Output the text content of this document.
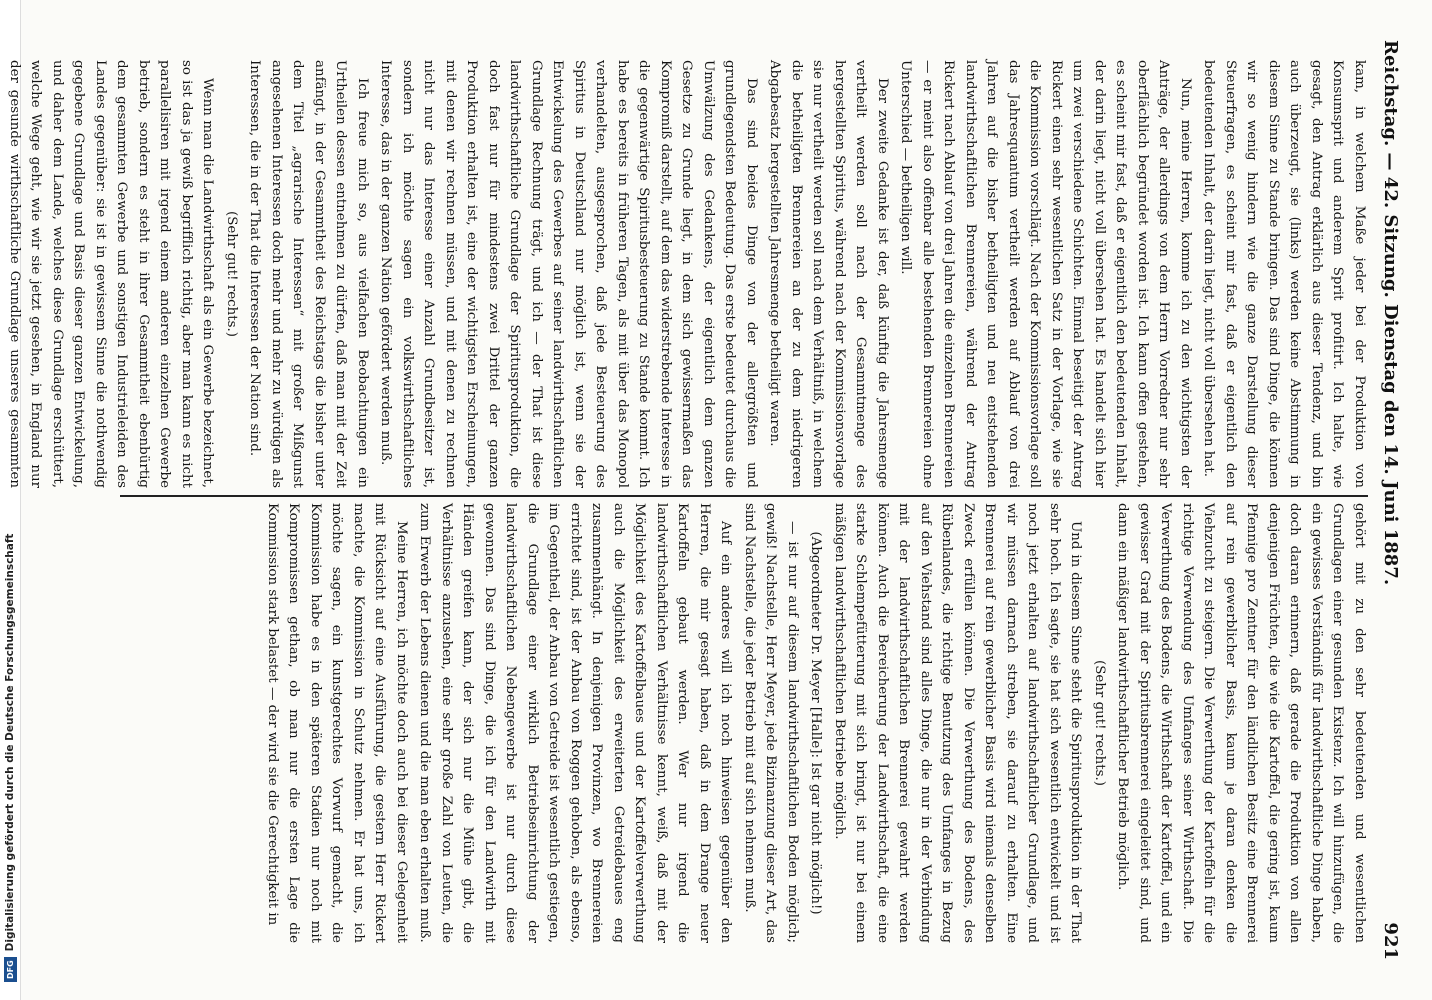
DFGDigitalisierung gefördert durch die Deutsche Forschungsgemeinschaft
Reichstag. — 42. Sitzung. Dienstag den 14. Juni 1887.
921

kam, in welchem Maße jeder bei der Produktion von Konsumsprit und anderem Sprit profitirt. Ich halte, wie gesagt, den Antrag erklärlich aus dieser Tendenz, und bin auch überzeugt, sie (links) werden keine Abstimmung in diesem Sinne zu Stande bringen. Das sind Dinge, die können wir so wenig hindern wie die ganze Darstellung dieser Steuerfragen, es scheint mir fast, daß er eigentlich den bedeutenden Inhalt, der darin liegt, nicht voll übersehen hat.

Nun, meine Herren, komme ich zu den wichtigsten der Anträge, der allerdings von dem Herrn Vorredner nur sehr oberflächlich begründet worden ist. Ich kann offen gestehen, es scheint mir fast, daß er eigentlich den bedeutenden Inhalt, der darin liegt, nicht voll übersehen hat. Es handelt sich hier um zwei verschiedene Schichten. Einmal beseitigt der Antrag Rickert einen sehr wesentlichen Satz in der Vorlage, wie sie die Kommission vorschlägt. Nach der Kommissionsvorlage soll das Jahresquantum vertheilt werden auf Ablauf von drei Jahren auf die bisher betheiligten und neu entstehenden landwirthschaftlichen Brennereien, während der Antrag Rickert nach Ablauf von drei Jahren die einzelnen Brennereien — er meint also offenbar alle bestehenden Brennereien ohne Unterschied — betheiligen will.

Der zweite Gedanke ist der, daß künftig die Jahresmenge vertheilt werden soll nach der Gesammtmenge des hergestellten Spiritus, während nach der Kommissionsvorlage sie nur vertheilt werden soll nach dem Verhältniß, in welchem die betheiligten Brennereien an der zu dem niedrigeren Abgabesatz hergestellten Jahresmenge betheiligt waren.

Das sind beides Dinge von der allergrößten und grundlegendsten Bedeutung. Das erste bedeutet durchaus die Umwälzung des Gedankens, der eigentlich dem ganzen Gesetze zu Grunde liegt, in dem sich gewissermaßen das Kompromiß darstellt, auf dem das widerstrebende Interesse in die gegenwärtige Spiritusbesteuerung zu Stande kommt. Ich habe es bereits in früheren Tagen, als mit über das Monopol verhandelten, ausgesprochen, daß jede Besteuerung des Spiritus in Deutschland nur möglich ist, wenn sie der Entwickelung des Gewerbes auf seiner landwirthschaftlichen Grundlage Rechnung trägt, und ich — der That ist diese landwirthschaftliche Grundlage der Spiritusproduktion, die doch fast nur für mindestens zwei Drittel der ganzen Produktion erhalten ist, eine der wichtigsten Erscheinungen, mit denen wir rechnen müssen, und mit denen zu rechnen nicht nur das Interesse einer Anzahl Grundbesitzer ist, sondern ich möchte sagen ein volkswirthschaftliches Interesse, das in der ganzen Nation gefördert werden muß.

Ich freue mich so, aus vielfachen Beobachtungen ein Urtheilen dessen entnehmen zu dürfen, daß man mit der Zeit anfängt, in der Gesammtheit des Reichstags die bisher unter dem Titel „agrarische Interessen“ mit großer Mißgunst angesehenen Interessen doch mehr und mehr zu würdigen als Interessen, die in der That die Interessen der Nation sind.

(Sehr gut! rechts.)

Wenn man die Landwirthschaft als ein Gewerbe bezeichnet, so ist das ja gewiß begrifflich richtig, aber man kann es nicht parallelisiren mit irgend einem anderen einzelnen Gewerbe betrieb, sondern es steht in ihrer Gesammtheit ebenbürtig dem gesammten Gewerbe und sonstigen Industrieleiden des Landes gegenüber: sie ist in gewissem Sinne die nothwendig gegebene Grundlage und Basis dieser ganzen Entwickelung, und daher dem Lande, welches diese Grundlage erschüttert, welche Wege geht, wie wir sie jetzt gesehen, in England nur der gesunde wirthschaftliche Grundlage unseres gesammten

gehört mit zu den sehr bedeutenden und wesentlichen Grundlagen einer gesunden Existenz. Ich will hinzufügen, die ein gewisses Verständniß für landwirthschaftliche Dinge haben, doch daran erinnern, daß gerade die Produktion von allen denjenigen Früchten, die wie die Kartoffel, die gering ist, kaum Pfennige pro Zentner für den ländlichen Besitz eine Brennerei auf rein gewerblicher Basis, kaum je daran denken die Viehzucht zu steigern. Die Verwerthung der Kartoffeln für die richtige Verwendung des Umfanges seiner Wirthschaft. Die Verwerthung des Bodens, die Wirthschaft der Kartoffel, und ein gewisser Grad mit der Spiritusbrennerei eingeleitet sind, und dann ein mäßiger landwirthschaftlicher Betrieb möglich.

(Sehr gut! rechts.)

Und in diesem Sinne steht die Spiritusproduktion in der That sehr hoch. Ich sagte, sie hat sich wesentlich entwickelt und ist noch jetzt erhalten auf landwirthschaftlicher Grundlage, und wir müssen darnach streben, sie darauf zu erhalten. Eine Brennerei auf rein gewerblicher Basis wird niemals denselben Zweck erfüllen können. Die Verwerthung des Bodens, des Rübenlandes, die richtige Benutzung des Umfanges in Bezug auf den Viehstand sind alles Dinge, die nur in der Verbindung mit der landwirthschaftlichen Brennerei gewahrt werden können. Auch die Bereicherung der Landwirthschaft, die eine starke Schlempefütterung mit sich bringt, ist nur bei einem mäßigen landwirthschaftlichen Betriebe möglich.

(Abgeordneter Dr. Meyer [Halle]: Ist gar nicht möglich!)

— ist nur auf diesem landwirthschaftlichen Boden möglich; gewiß! Nachstelle, Herr Meyer, jede Bizinanzung dieser Art, das sind Nachstelle, die jeder Betrieb mit auf sich nehmen muß.

Auf ein anderes will ich noch hinweisen gegenüber den Herren, die mir gesagt haben, daß in dem Drange neuer Kartoffeln gebaut werden. Wer nur irgend die landwirthschaftlichen Verhältnisse kennt, weiß, daß mit der Möglichkeit des Kartoffelbaues und der Kartoffelverwerthung auch die Möglichkeit des erweiterten Getreidebaues eng zusammenhängt. In denjenigen Provinzen, wo Brennereien errichtet sind, ist der Anbau von Roggen gehoben, als ebenso, im Gegentheil, der Anbau von Getreide ist wesentlich gestiegen, die Grundlage einer wirklich Betriebseinrichtung der landwirthschaftlichen Nebengewerbe ist nur durch diese gewonnen. Das sind Dinge, die ich für den Landwirth mit Händen greifen kann, der sich nur die Mühe gibt, die Verhältnisse anzusehen, eine sehr große Zahl von Leuten, die zum Erwerb der Lebens dienen und die man eben erhalten muß.

Meine Herren, ich möchte doch auch bei dieser Gelegenheit mit Rücksicht auf eine Ausführung, die gestern Herr Rickert machte, die Kommission in Schutz nehmen. Er hat uns, ich möchte sagen, ein kunstgerechtes Vorwurf gemacht, die Kommission habe es in den späteren Stadien nur noch mit Kompromissen gethan, ob man nur die ersten Lage die Kommission stark belastet — der wird sie die Gerechtigkeit in
